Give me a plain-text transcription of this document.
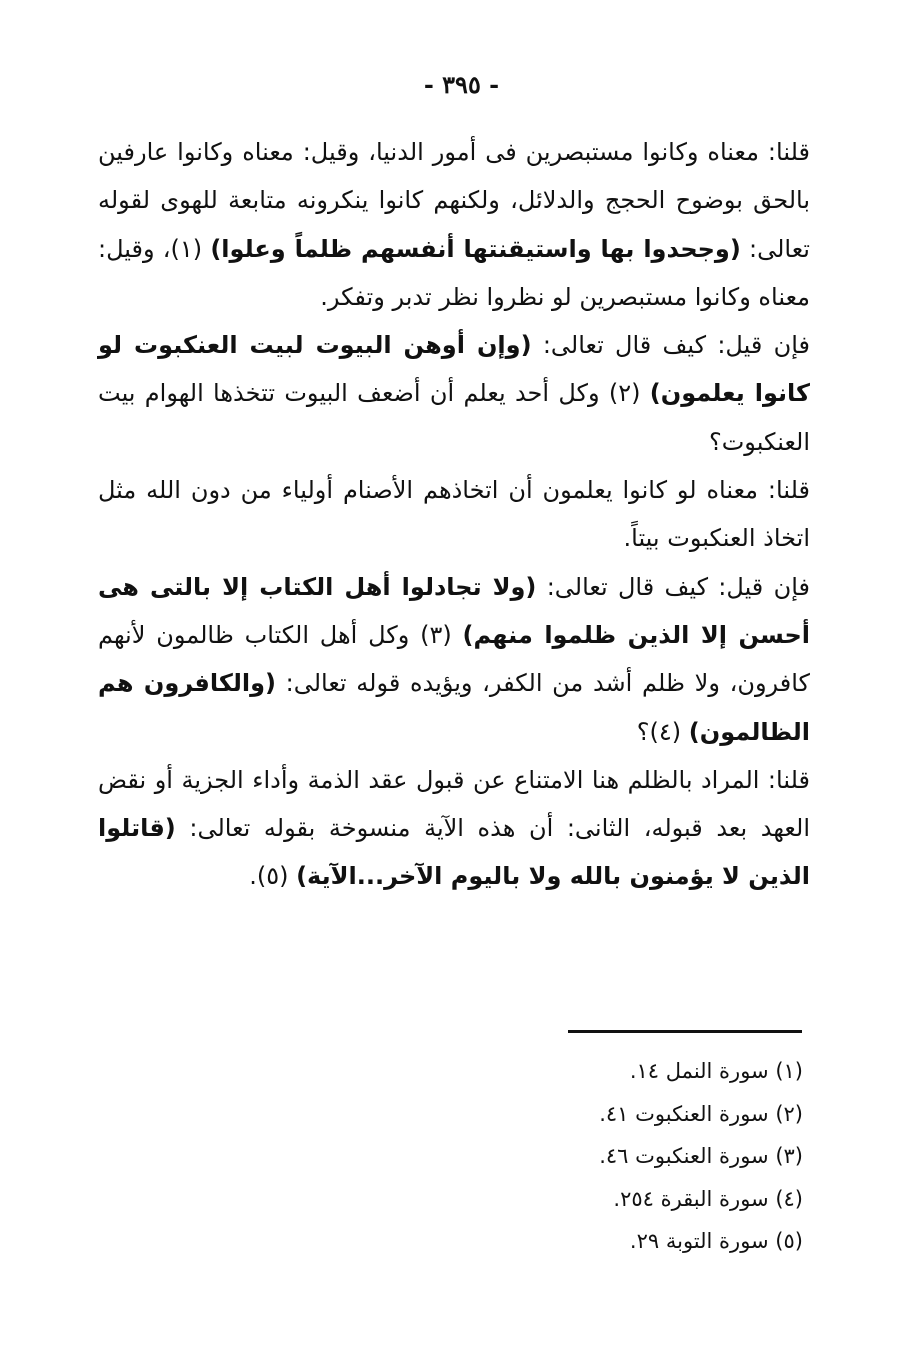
- ٣٩٥ -

قلنا: معناه وكانوا مستبصرين فى أمور الدنيا، وقيل: معناه وكانوا عارفين بالحق بوضوح الحجج والدلائل، ولكنهم كانوا ينكرونه متابعة للهوى لقوله تعالى: (وجحدوا بها واستيقنتها أنفسهم ظلماً وعلوا) (١)، وقيل: معناه وكانوا مستبصرين لو نظروا نظر تدبر وتفكر.

فإن قيل: كيف قال تعالى: (وإن أوهن البيوت لبيت العنكبوت لو كانوا يعلمون) (٢) وكل أحد يعلم أن أضعف البيوت تتخذها الهوام بيت العنكبوت؟

قلنا: معناه لو كانوا يعلمون أن اتخاذهم الأصنام أولياء من دون الله مثل اتخاذ العنكبوت بيتاً.

فإن قيل: كيف قال تعالى: (ولا تجادلوا أهل الكتاب إلا بالتى هى أحسن إلا الذين ظلموا منهم) (٣) وكل أهل الكتاب ظالمون لأنهم كافرون، ولا ظلم أشد من الكفر، ويؤيده قوله تعالى: (والكافرون هم الظالمون) (٤)؟

قلنا: المراد بالظلم هنا الامتناع عن قبول عقد الذمة وأداء الجزية أو نقض العهد بعد قبوله، الثانى: أن هذه الآية منسوخة بقوله تعالى: (قاتلوا الذين لا يؤمنون بالله ولا باليوم الآخر...الآية) (٥).

(١) سورة النمل ١٤.
(٢) سورة العنكبوت ٤١.
(٣) سورة العنكبوت ٤٦.
(٤) سورة البقرة ٢٥٤.
(٥) سورة التوبة ٢٩.
